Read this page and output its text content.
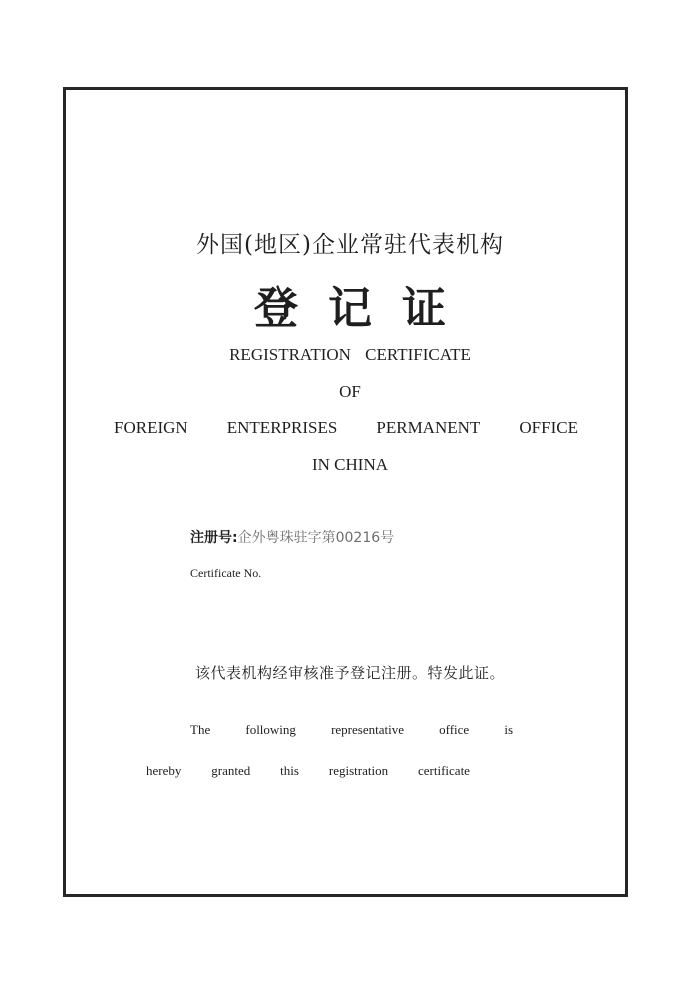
外国(地区)企业常驻代表机构
登记证
REGISTRATION CERTIFICATE
OF
FOREIGN ENTERPRISES PERMANENT OFFICE
IN CHINA
注册号:企外粤珠驻字第00216号
Certificate No.
该代表机构经审核准予登记注册。特发此证。
The	following	representative	office	is
hereby granted this registration certificate
